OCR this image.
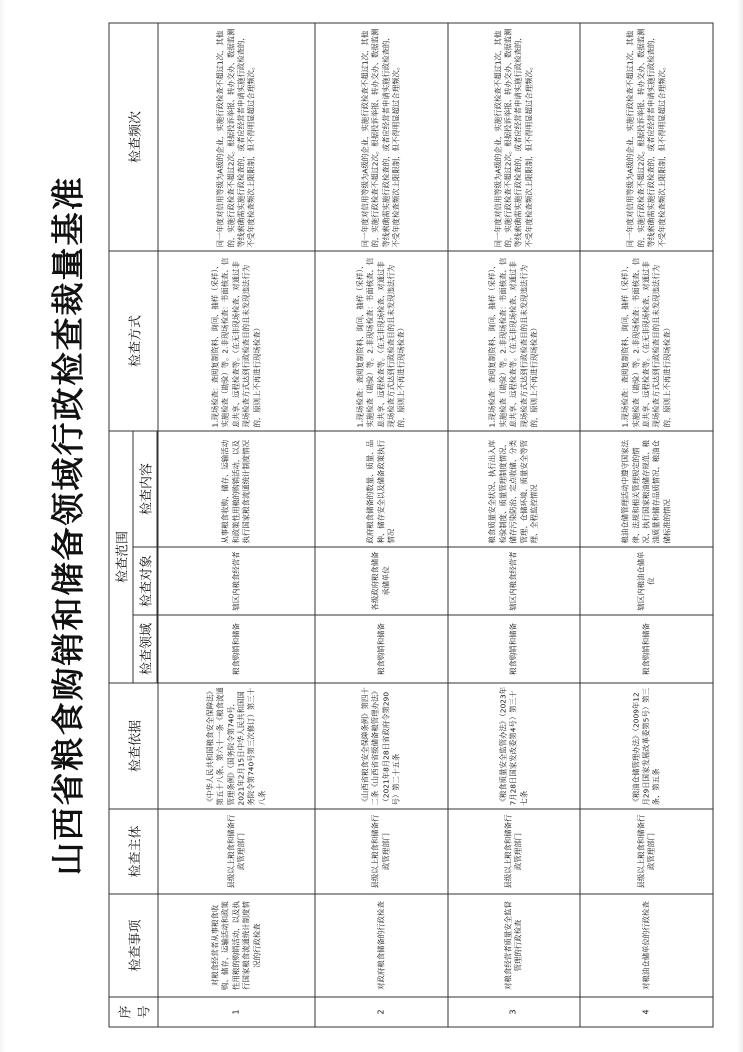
山西省粮食购销和储备领域行政检查裁量基准
序号	检查事项	检查主体	检查依据	检查范围			检查方式	检查频次
				检查领域	检查对象	检查内容		

1	对粮食经营者从事粮食收购、储存、运输活动和政策性用粮的购销活动，以及执行国家粮食流通统计制度情况的行政检查	县级以上粮食和储备行政管理部门	《中华人民共和国粮食安全保障法》第五十八条、第六十一条《粮食流通管理条例》（国务院令第740号，2021年2月15日中华人民共和国国务院令第740号第三次修订）第三十八条	粮食购销和储备	辖区内粮食经营者	从事粮食收购、储存、运输活动和政策性用粮的购销活动，以及执行国家粮食流通统计制度情况	1.现场检查：查阅复制资料、询问、抽样（采样）、实施检查（勘验）等。2.非现场检查：书面核查、信息共享、远程检查等。（在无非现场检查、对通过非现场检查方式达到行政检查目的且未发现违法行为的，原则上不再进行现场检查）	同一年度对信用等级为A级的企业，实施行政检查不超过1次，其他的，实施行政检查不超过2次。根据投诉举报、转办交办、数据监测等线索确需实施行政检查的，或者应经营者申请实施行政检查的，不受年度检查频次上限限制，但不得明显超过合理频次。
2	对政府粮食储备的行政检查	县级以上粮食和储备行政管理部门	《山西省粮食安全保障条例》第四十二条《山西省省级储备粮管理办法》（2021年8月28日省政府令第290号）第二十五条	粮食购销和储备	各级政府粮食储备承储单位	政府粮食储备的数量、质量、品种、储存安全以及储备政策执行情况	1.现场检查：查阅复制资料、询问、抽样（采样）、实施检查（勘验）等。2.非现场检查：书面核查、信息共享、远程检查等。（在无非现场检查、对通过非现场检查方式达到行政检查目的且未发现违法行为的，原则上不再进行现场检查）	同一年度对信用等级为A级的企业，实施行政检查不超过1次，其他的，实施行政检查不超过2次。根据投诉举报、转办交办、数据监测等线索确需实施行政检查的，或者应经营者申请实施行政检查的，不受年度检查频次上限限制，但不得明显超过合理频次。
3	对粮食经营者质量安全监督管理的行政检查	县级以上粮食和储备行政管理部门	《粮食质量安全监管办法》（2023年7月28日国家发改委第4号）第三十七条	粮食购销和储备	辖区内粮食经营者	粮食质量安全状况、执行出入库检验制度、质量管理制度情况、储存污染防治、定点收储、分类管理、仓储环境、质量安全等管理、全程监控情况	1.现场检查：查阅复制资料、询问、抽样（采样）、实施检查（勘验）等。2.非现场检查：书面核查、信息共享、远程检查等。（在无非现场检查、对通过非现场检查方式达到行政检查目的且未发现违法行为的，原则上不再进行现场检查）	同一年度对信用等级为A级的企业，实施行政检查不超过1次，其他的，实施行政检查不超过2次。根据投诉举报、转办交办、数据监测等线索确需实施行政检查的，或者应经营者申请实施行政检查的，不受年度检查频次上限限制，但不得明显超过合理频次。
4	对粮油仓储单位的行政检查	县级以上粮食和储备行政管理部门	《粮油仓储管理办法》（2009年12月29日国家发展改革委第5号）第三条、第五条	粮食购销和储备	辖区内粮油仓储单位	粮油仓储管理活动中遵守国家法律、法规和相关管理规定的情况、执行国家粮油储存规范、粮油质量和储存品质情况、粮油仓储标准的情况	1.现场检查：查阅复制资料、询问、抽样（采样）、实施检查（勘验）等。2.非现场检查：书面核查、信息共享、远程检查等。（在无非现场检查、对通过非现场检查方式达到行政检查目的且未发现违法行为的，原则上不再进行现场检查）	同一年度对信用等级为A级的企业，实施行政检查不超过1次，其他的，实施行政检查不超过2次。根据投诉举报、转办交办、数据监测等线索确需实施行政检查的，或者应经营者申请实施行政检查的，不受年度检查频次上限限制，但不得明显超过合理频次。
